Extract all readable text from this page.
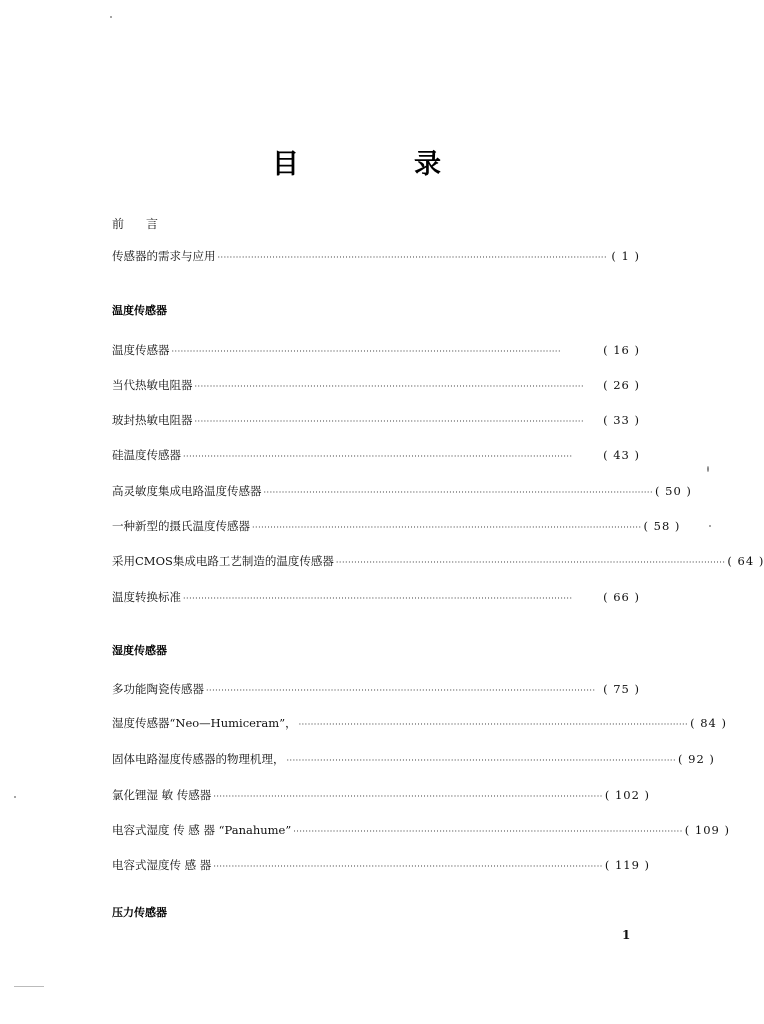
目　录
前言
传感器的需求与应用 ································································································································ ( 1 )
温度传感器
温度传感器 ································································································································	( 16 )
当代热敏电阻器 ································································································································	( 26 )
玻封热敏电阻器 ································································································································	( 33 )
硅温度传感器 ································································································································	( 43 )
高灵敏度集成电路温度传感器 ································································································································ ( 50 )
一种新型的摄氏温度传感器 ································································································································ ( 58 )
采用CMOS集成电路工艺制造的温度传感器 ································································································································ ( 64 )
温度转换标准 ································································································································	( 66 )
湿度传感器
多功能陶瓷传感器 ································································································································ ( 75 )
湿度传感器“Neo—Humiceram”， ································································································································ ( 84 )
固体电路湿度传感器的物理机理， ································································································································ ( 92 )
氯化锂湿 敏 传感器 ································································································································ ( 102 )
电容式湿度 传 感 器 “Panahume” ································································································································ ( 109 )
电容式湿度传 感 器 ································································································································ ( 119 )
压力传感器
1
